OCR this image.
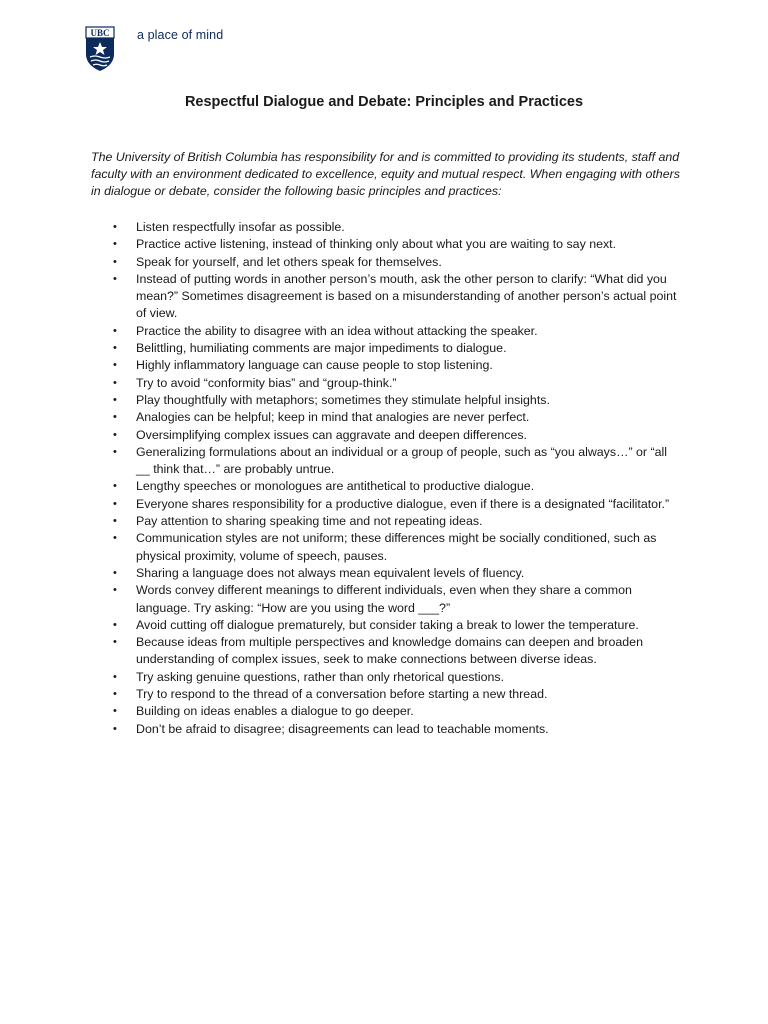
UBC a place of mind
Respectful Dialogue and Debate: Principles and Practices
The University of British Columbia has responsibility for and is committed to providing its students, staff and faculty with an environment dedicated to excellence, equity and mutual respect. When engaging with others in dialogue or debate, consider the following basic principles and practices:
• Listen respectfully insofar as possible.
• Practice active listening, instead of thinking only about what you are waiting to say next.
• Speak for yourself, and let others speak for themselves.
• Instead of putting words in another person’s mouth, ask the other person to clarify: “What did you mean?” Sometimes disagreement is based on a misunderstanding of another person’s actual point of view.
• Practice the ability to disagree with an idea without attacking the speaker.
• Belittling, humiliating comments are major impediments to dialogue.
• Highly inflammatory language can cause people to stop listening.
• Try to avoid “conformity bias” and “group-think.”
• Play thoughtfully with metaphors; sometimes they stimulate helpful insights.
• Analogies can be helpful; keep in mind that analogies are never perfect.
• Oversimplifying complex issues can aggravate and deepen differences.
• Generalizing formulations about an individual or a group of people, such as “you always…” or “all __ think that…” are probably untrue.
• Lengthy speeches or monologues are antithetical to productive dialogue.
• Everyone shares responsibility for a productive dialogue, even if there is a designated “facilitator.”
• Pay attention to sharing speaking time and not repeating ideas.
• Communication styles are not uniform; these differences might be socially conditioned, such as physical proximity, volume of speech, pauses.
• Sharing a language does not always mean equivalent levels of fluency.
• Words convey different meanings to different individuals, even when they share a common language. Try asking: “How are you using the word ___?”
• Avoid cutting off dialogue prematurely, but consider taking a break to lower the temperature.
• Because ideas from multiple perspectives and knowledge domains can deepen and broaden understanding of complex issues, seek to make connections between diverse ideas.
• Try asking genuine questions, rather than only rhetorical questions.
• Try to respond to the thread of a conversation before starting a new thread.
• Building on ideas enables a dialogue to go deeper.
• Don’t be afraid to disagree; disagreements can lead to teachable moments.
